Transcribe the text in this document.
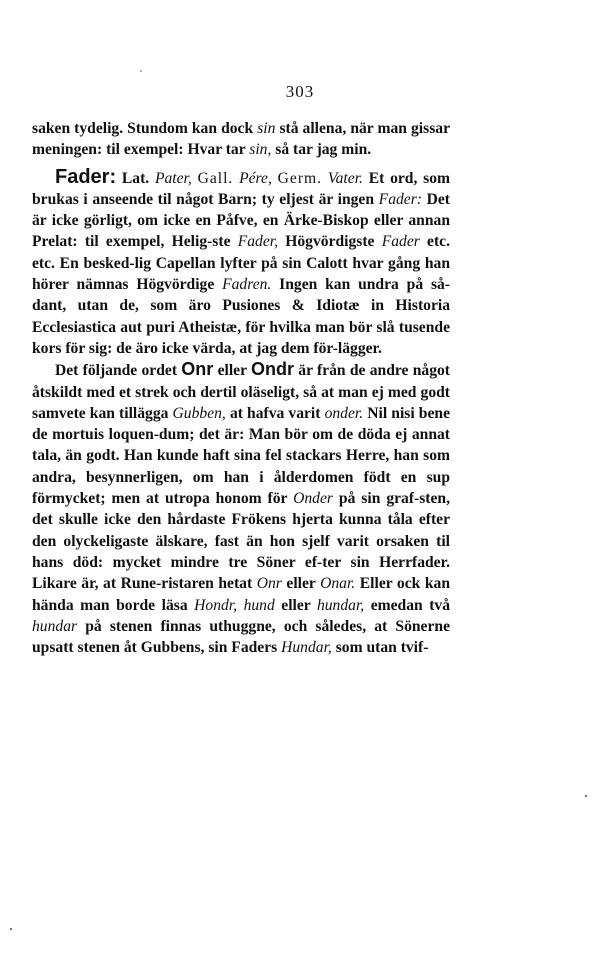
303

saken tydelig. Stundom kan dock sin stå allena, när man gissar meningen: til exempel: Hvar tar sin, så tar jag min.

Fader: Lat. Pater, Gall. Pére, Germ. Vater. Et ord, som brukas i anseende til något Barn; ty eljest är ingen Fader: Det är icke görligt, om icke en Påfve, en Ärke-Biskop eller annan Prelat: til exempel, Helig-ste Fader, Högvördigste Fader etc. etc. En besked-lig Capellan lyfter på sin Calott hvar gång han hörer nämnas Högvördige Fadren. Ingen kan undra på så-dant, utan de, som äro Pusiones & Idiotæ in Historia Ecclesiastica aut puri Atheistæ, för hvilka man bör slå tusende kors för sig: de äro icke värda, at jag dem för-lägger.

Det följande ordet Onr eller Ondr är från de andre något åtskildt med et strek och dertil oläseligt, så at man ej med godt samvete kan tillägga Gubben, at hafva varit onder. Nil nisi bene de mortuis loquen-dum; det är: Man bör om de döda ej annat tala, än godt. Han kunde haft sina fel stackars Herre, han som andra, besynnerligen, om han i ålderdomen födt en sup förmycket; men at utropa honom för Onder på sin graf-sten, det skulle icke den hårdaste Frökens hjerta kunna tåla efter den olyckeligaste älskare, fast än hon sjelf varit orsaken til hans död: mycket mindre tre Söner ef-ter sin Herrfader. Likare är, at Rune-ristaren hetat Onr eller Onar. Eller ock kan hända man borde läsa Hondr, hund eller hundar, emedan två hundar på stenen finnas uthuggne, och således, at Sönerne upsatt stenen åt Gubbens, sin Faders Hundar, som utan tvif-
